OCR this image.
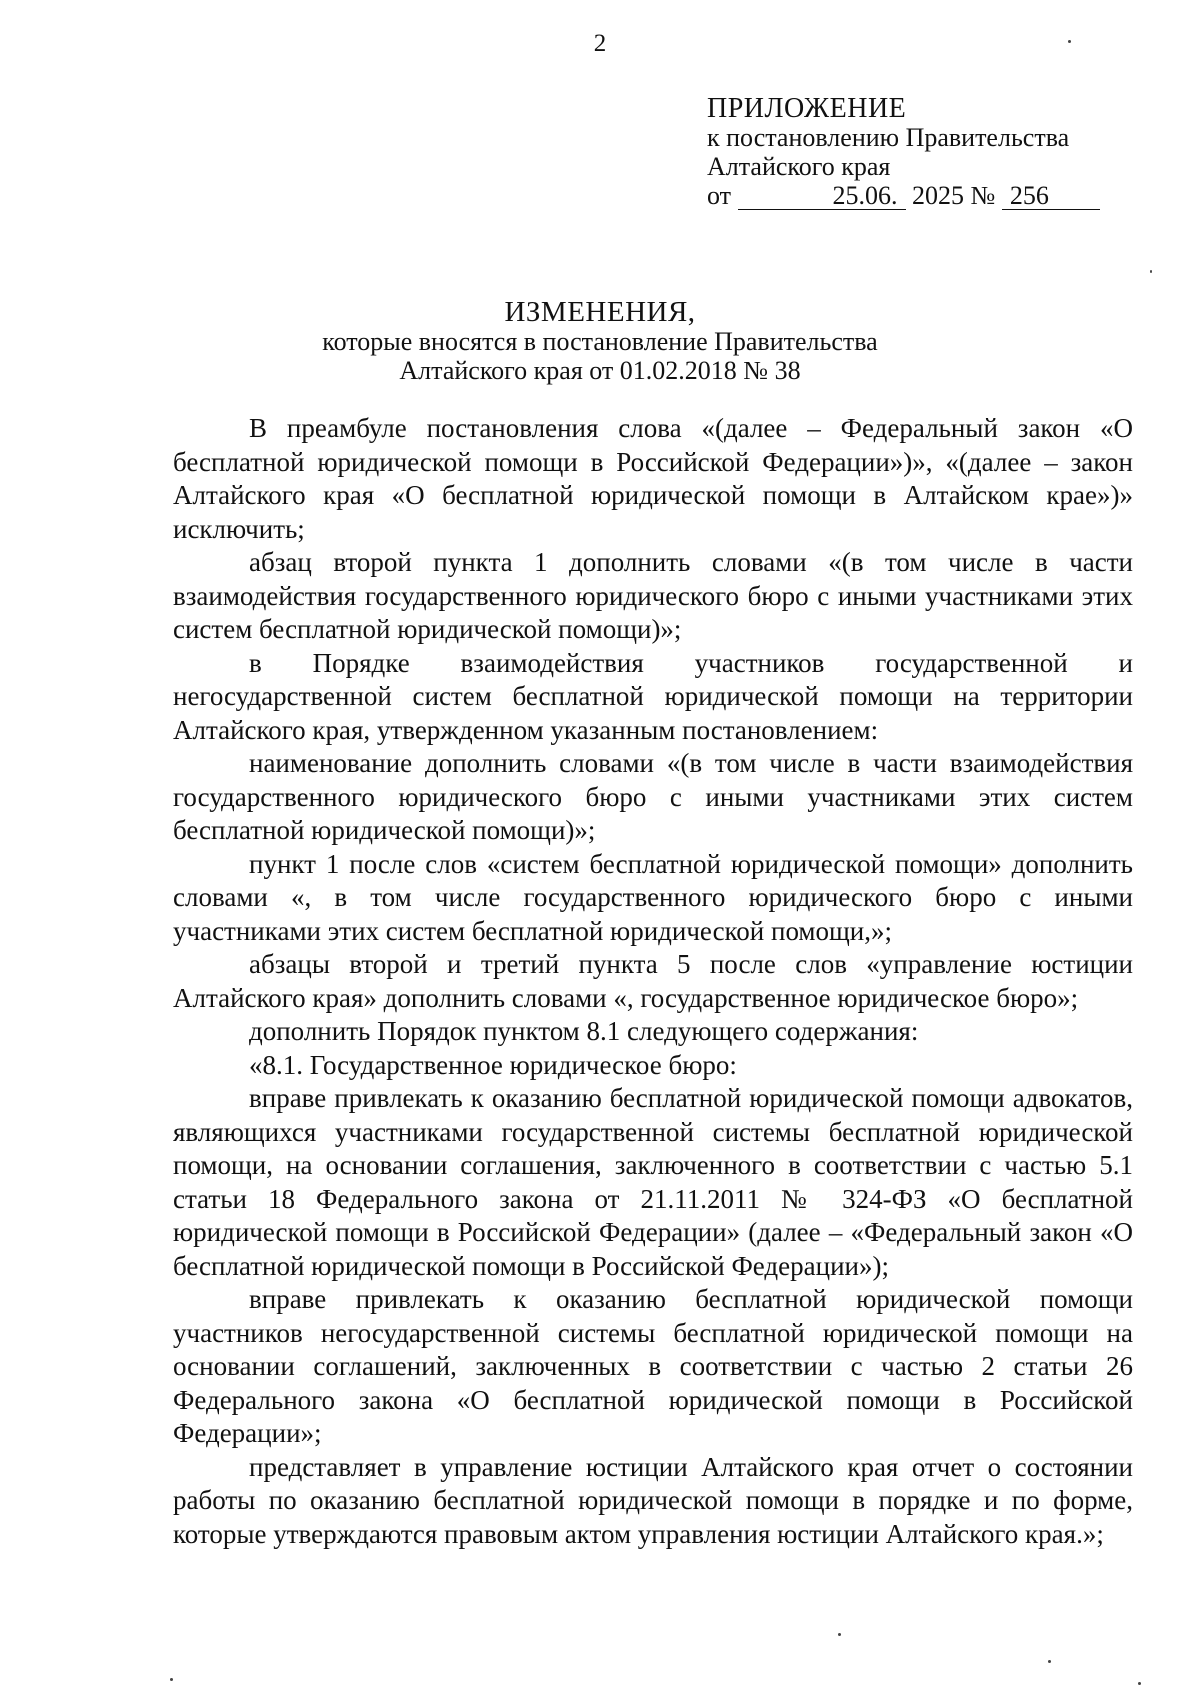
2
ПРИЛОЖЕНИЕ
к постановлению Правительства
Алтайского края
от	25.06. 2025 № 256
ИЗМЕНЕНИЯ,
которые вносятся в постановление Правительства
Алтайского края от 01.02.2018 № 38

В преамбуле постановления слова «(далее – Федеральный закон «О бесплатной юридической помощи в Российской Федерации»)», «(далее – закон Алтайского края «О бесплатной юридической помощи в Алтайском крае»)» исключить;

абзац второй пункта 1 дополнить словами «(в том числе в части взаимодействия государственного юридического бюро с иными участниками этих систем бесплатной юридической помощи)»;

в Порядке взаимодействия участников государственной и негосударственной систем бесплатной юридической помощи на территории Алтайского края, утвержденном указанным постановлением:

наименование дополнить словами «(в том числе в части взаимодействия государственного юридического бюро с иными участниками этих систем бесплатной юридической помощи)»;

пункт 1 после слов «систем бесплатной юридической помощи» дополнить словами «, в том числе государственного юридического бюро с иными участниками этих систем бесплатной юридической помощи,»;

абзацы второй и третий пункта 5 после слов «управление юстиции Алтайского края» дополнить словами «, государственное юридическое бюро»;

дополнить Порядок пунктом 8.1 следующего содержания:

«8.1. Государственное юридическое бюро:

вправе привлекать к оказанию бесплатной юридической помощи адвокатов, являющихся участниками государственной системы бесплатной юридической помощи, на основании соглашения, заключенного в соответствии с частью 5.1 статьи 18 Федерального закона от 21.11.2011 № 324-ФЗ «О бесплатной юридической помощи в Российской Федерации» (далее – «Федеральный закон «О бесплатной юридической помощи в Российской Федерации»);

вправе привлекать к оказанию бесплатной юридической помощи участников негосударственной системы бесплатной юридической помощи на основании соглашений, заключенных в соответствии с частью 2 статьи 26 Федерального закона «О бесплатной юридической помощи в Российской Федерации»;

представляет в управление юстиции Алтайского края отчет о состоянии работы по оказанию бесплатной юридической помощи в порядке и по форме, которые утверждаются правовым актом управления юстиции Алтайского края.»;
